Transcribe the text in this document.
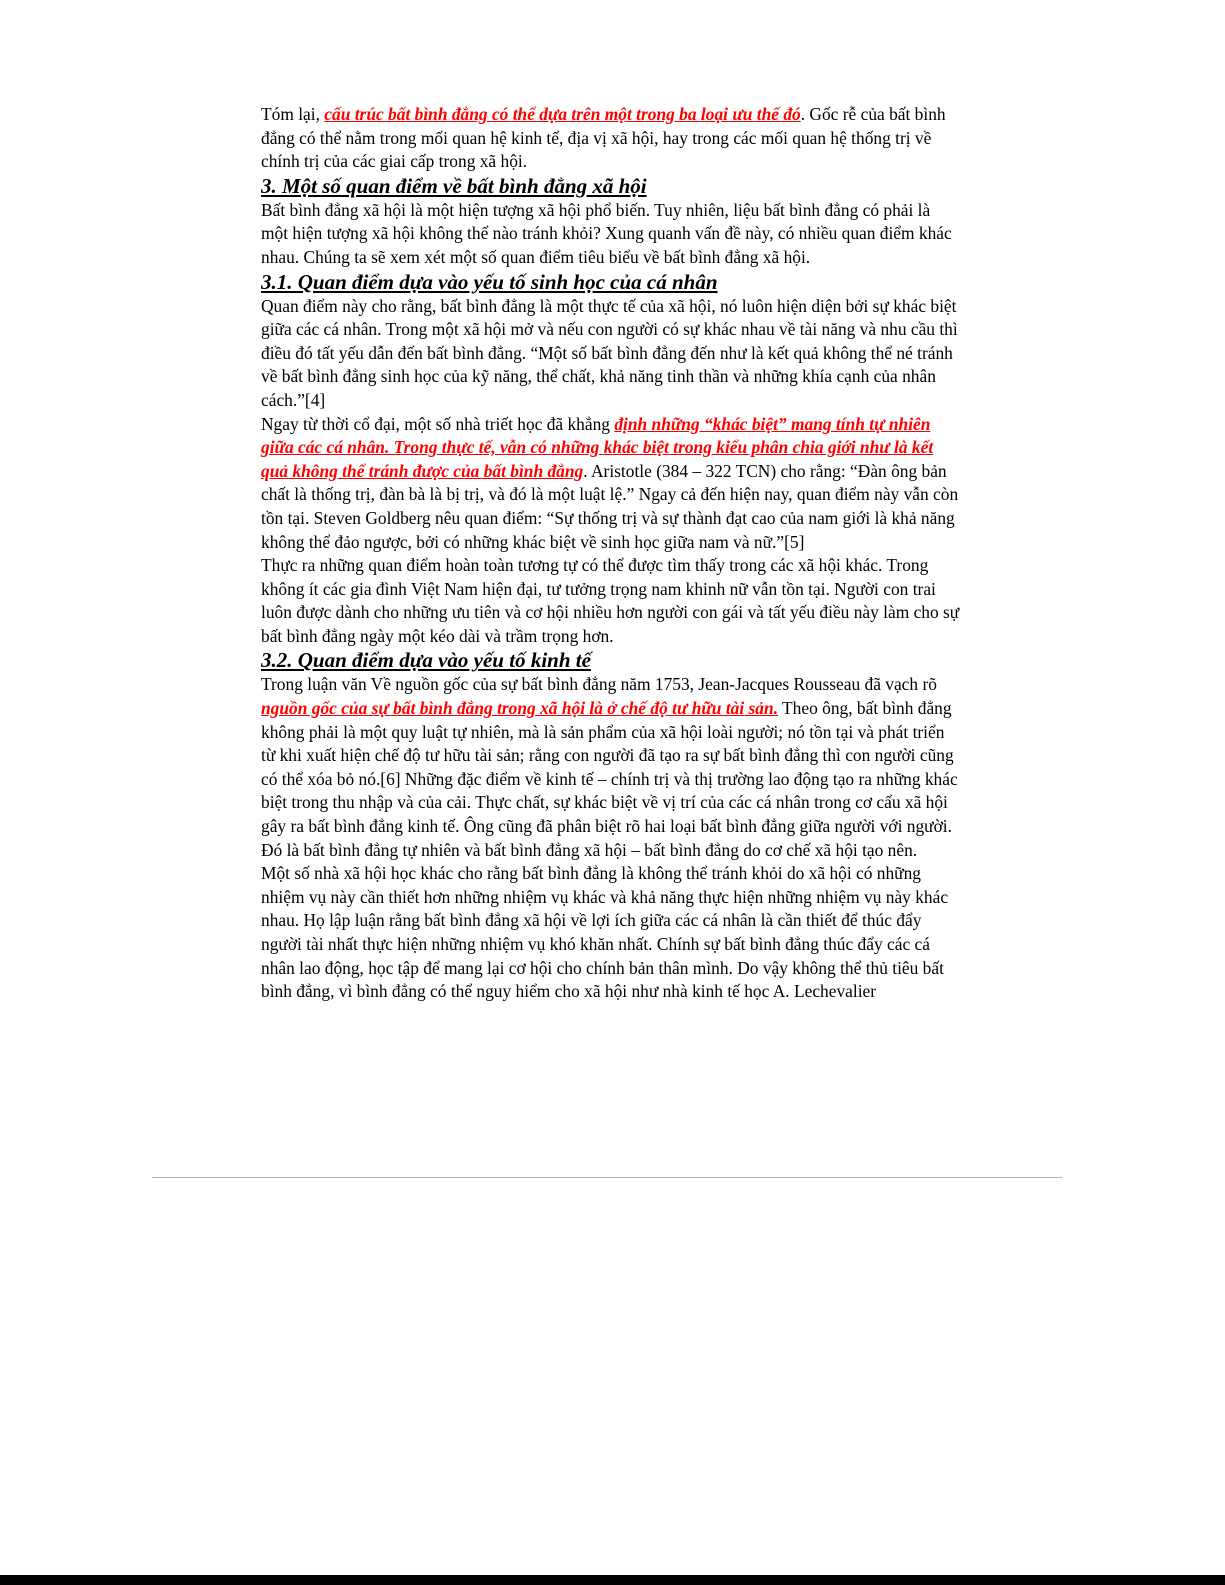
Tóm lại, cấu trúc bất bình đẳng có thể dựa trên một trong ba loại ưu thế đó. Gốc rễ của bất bình đẳng có thể nằm trong mối quan hệ kinh tế, địa vị xã hội, hay trong các mối quan hệ thống trị về chính trị của các giai cấp trong xã hội.

3. Một số quan điểm về bất bình đẳng xã hội

Bất bình đẳng xã hội là một hiện tượng xã hội phổ biến. Tuy nhiên, liệu bất bình đẳng có phải là một hiện tượng xã hội không thể nào tránh khỏi? Xung quanh vấn đề này, có nhiều quan điểm khác nhau. Chúng ta sẽ xem xét một số quan điểm tiêu biểu về bất bình đẳng xã hội.

3.1. Quan điểm dựa vào yếu tố sinh học của cá nhân

Quan điểm này cho rằng, bất bình đẳng là một thực tế của xã hội, nó luôn hiện diện bởi sự khác biệt giữa các cá nhân. Trong một xã hội mở và nếu con người có sự khác nhau về tài năng và nhu cầu thì điều đó tất yếu dẫn đến bất bình đẳng. “Một số bất bình đẳng đến như là kết quả không thể né tránh về bất bình đẳng sinh học của kỹ năng, thể chất, khả năng tinh thần và những khía cạnh của nhân cách.”[4]

Ngay từ thời cổ đại, một số nhà triết học đã khẳng định những “khác biệt” mang tính tự nhiên giữa các cá nhân. Trong thực tế, vẫn có những khác biệt trong kiểu phân chia giới như là kết quả không thể tránh được của bất bình đẳng. Aristotle (384 – 322 TCN) cho rằng: “Đàn ông bản chất là thống trị, đàn bà là bị trị, và đó là một luật lệ.” Ngay cả đến hiện nay, quan điểm này vẫn còn tồn tại. Steven Goldberg nêu quan điểm: “Sự thống trị và sự thành đạt cao của nam giới là khả năng không thể đảo ngược, bởi có những khác biệt về sinh học giữa nam và nữ.”[5]

Thực ra những quan điểm hoàn toàn tương tự có thể được tìm thấy trong các xã hội khác. Trong không ít các gia đình Việt Nam hiện đại, tư tưởng trọng nam khinh nữ vẫn tồn tại. Người con trai luôn được dành cho những ưu tiên và cơ hội nhiều hơn người con gái và tất yếu điều này làm cho sự bất bình đẳng ngày một kéo dài và trầm trọng hơn.

3.2. Quan điểm dựa vào yếu tố kinh tế

Trong luận văn Về nguồn gốc của sự bất bình đẳng năm 1753, Jean-Jacques Rousseau đã vạch rõ nguồn gốc của sự bất bình đẳng trong xã hội là ở chế độ tư hữu tài sản. Theo ông, bất bình đẳng không phải là một quy luật tự nhiên, mà là sản phẩm của xã hội loài người; nó tồn tại và phát triển từ khi xuất hiện chế độ tư hữu tài sản; rằng con người đã tạo ra sự bất bình đẳng thì con người cũng có thể xóa bỏ nó.[6] Những đặc điểm về kinh tế – chính trị và thị trường lao động tạo ra những khác biệt trong thu nhập và của cải. Thực chất, sự khác biệt về vị trí của các cá nhân trong cơ cấu xã hội gây ra bất bình đẳng kinh tế. Ông cũng đã phân biệt rõ hai loại bất bình đẳng giữa người với người. Đó là bất bình đẳng tự nhiên và bất bình đẳng xã hội – bất bình đẳng do cơ chế xã hội tạo nên.

Một số nhà xã hội học khác cho rằng bất bình đẳng là không thể tránh khỏi do xã hội có những nhiệm vụ này cần thiết hơn những nhiệm vụ khác và khả năng thực hiện những nhiệm vụ này khác nhau. Họ lập luận rằng bất bình đẳng xã hội về lợi ích giữa các cá nhân là cần thiết để thúc đẩy người tài nhất thực hiện những nhiệm vụ khó khăn nhất. Chính sự bất bình đẳng thúc đẩy các cá nhân lao động, học tập để mang lại cơ hội cho chính bản thân mình. Do vậy không thể thủ tiêu bất bình đẳng, vì bình đẳng có thể nguy hiểm cho xã hội như nhà kinh tế học A. Lechevalier
